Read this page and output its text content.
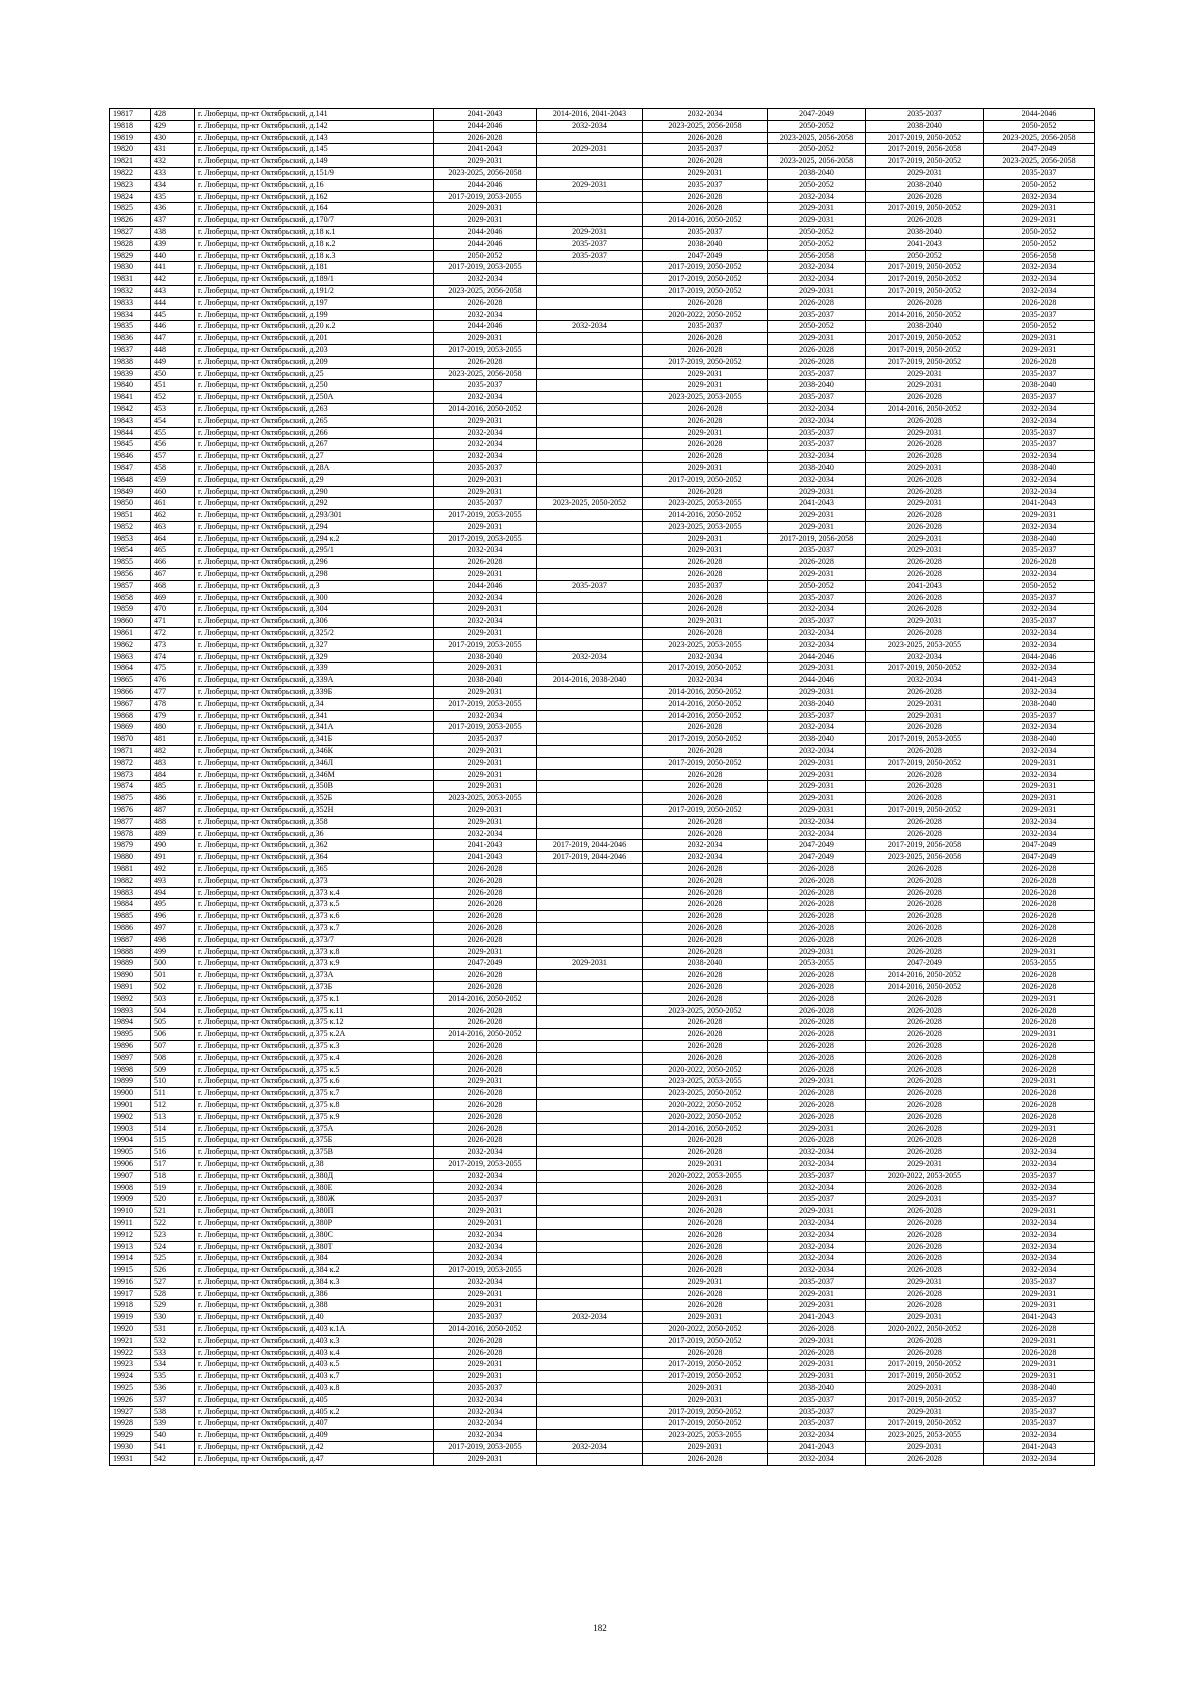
19817	428	г. Люберцы, пр-кт Октябрьский, д.141	2041-2043	2014-2016, 2041-2043	2032-2034	2047-2049	2035-2037	2044-2046
19818	429	г. Люберцы, пр-кт Октябрьский, д.142	2044-2046	2032-2034	2023-2025, 2056-2058	2050-2052	2038-2040	2050-2052
19819	430	г. Люберцы, пр-кт Октябрьский, д.143	2026-2028		2026-2028	2023-2025, 2056-2058	2017-2019, 2050-2052	2023-2025, 2056-2058
19820	431	г. Люберцы, пр-кт Октябрьский, д.145	2041-2043	2029-2031	2035-2037	2050-2052	2017-2019, 2056-2058	2047-2049
19821	432	г. Люберцы, пр-кт Октябрьский, д.149	2029-2031		2026-2028	2023-2025, 2056-2058	2017-2019, 2050-2052	2023-2025, 2056-2058
19822	433	г. Люберцы, пр-кт Октябрьский, д.151/9	2023-2025, 2056-2058		2029-2031	2038-2040	2029-2031	2035-2037
19823	434	г. Люберцы, пр-кт Октябрьский, д.16	2044-2046	2029-2031	2035-2037	2050-2052	2038-2040	2050-2052
19824	435	г. Люберцы, пр-кт Октябрьский, д.162	2017-2019, 2053-2055		2026-2028	2032-2034	2026-2028	2032-2034
19825	436	г. Люберцы, пр-кт Октябрьский, д.164	2029-2031		2026-2028	2029-2031	2017-2019, 2050-2052	2029-2031
19826	437	г. Люберцы, пр-кт Октябрьский, д.170/7	2029-2031		2014-2016, 2050-2052	2029-2031	2026-2028	2029-2031
19827	438	г. Люберцы, пр-кт Октябрьский, д.18 к.1	2044-2046	2029-2031	2035-2037	2050-2052	2038-2040	2050-2052
19828	439	г. Люберцы, пр-кт Октябрьский, д.18 к.2	2044-2046	2035-2037	2038-2040	2050-2052	2041-2043	2050-2052
19829	440	г. Люберцы, пр-кт Октябрьский, д.18 к.3	2050-2052	2035-2037	2047-2049	2056-2058	2050-2052	2056-2058
19830	441	г. Люберцы, пр-кт Октябрьский, д.181	2017-2019, 2053-2055		2017-2019, 2050-2052	2032-2034	2017-2019, 2050-2052	2032-2034
19831	442	г. Люберцы, пр-кт Октябрьский, д.189/1	2032-2034		2017-2019, 2050-2052	2032-2034	2017-2019, 2050-2052	2032-2034
19832	443	г. Люберцы, пр-кт Октябрьский, д.191/2	2023-2025, 2056-2058		2017-2019, 2050-2052	2029-2031	2017-2019, 2050-2052	2032-2034
19833	444	г. Люберцы, пр-кт Октябрьский, д.197	2026-2028		2026-2028	2026-2028	2026-2028	2026-2028
19834	445	г. Люберцы, пр-кт Октябрьский, д.199	2032-2034		2020-2022, 2050-2052	2035-2037	2014-2016, 2050-2052	2035-2037
19835	446	г. Люберцы, пр-кт Октябрьский, д.20 к.2	2044-2046	2032-2034	2035-2037	2050-2052	2038-2040	2050-2052
19836	447	г. Люберцы, пр-кт Октябрьский, д.201	2029-2031		2026-2028	2029-2031	2017-2019, 2050-2052	2029-2031
19837	448	г. Люберцы, пр-кт Октябрьский, д.203	2017-2019, 2053-2055		2026-2028	2026-2028	2017-2019, 2050-2052	2029-2031
19838	449	г. Люберцы, пр-кт Октябрьский, д.209	2026-2028		2017-2019, 2050-2052	2026-2028	2017-2019, 2050-2052	2026-2028
19839	450	г. Люберцы, пр-кт Октябрьский, д.25	2023-2025, 2056-2058		2029-2031	2035-2037	2029-2031	2035-2037
19840	451	г. Люберцы, пр-кт Октябрьский, д.250	2035-2037		2029-2031	2038-2040	2029-2031	2038-2040
19841	452	г. Люберцы, пр-кт Октябрьский, д.250А	2032-2034		2023-2025, 2053-2055	2035-2037	2026-2028	2035-2037
19842	453	г. Люберцы, пр-кт Октябрьский, д.263	2014-2016, 2050-2052		2026-2028	2032-2034	2014-2016, 2050-2052	2032-2034
19843	454	г. Люберцы, пр-кт Октябрьский, д.265	2029-2031		2026-2028	2032-2034	2026-2028	2032-2034
19844	455	г. Люберцы, пр-кт Октябрьский, д.266	2032-2034		2029-2031	2035-2037	2029-2031	2035-2037
19845	456	г. Люберцы, пр-кт Октябрьский, д.267	2032-2034		2026-2028	2035-2037	2026-2028	2035-2037
19846	457	г. Люберцы, пр-кт Октябрьский, д.27	2032-2034		2026-2028	2032-2034	2026-2028	2032-2034
19847	458	г. Люберцы, пр-кт Октябрьский, д.28А	2035-2037		2029-2031	2038-2040	2029-2031	2038-2040
19848	459	г. Люберцы, пр-кт Октябрьский, д.29	2029-2031		2017-2019, 2050-2052	2032-2034	2026-2028	2032-2034
19849	460	г. Люберцы, пр-кт Октябрьский, д.290	2029-2031		2026-2028	2029-2031	2026-2028	2032-2034
19850	461	г. Люберцы, пр-кт Октябрьский, д.292	2035-2037	2023-2025, 2050-2052	2023-2025, 2053-2055	2041-2043	2029-2031	2041-2043
19851	462	г. Люберцы, пр-кт Октябрьский, д.293/301	2017-2019, 2053-2055		2014-2016, 2050-2052	2029-2031	2026-2028	2029-2031
19852	463	г. Люберцы, пр-кт Октябрьский, д.294	2029-2031		2023-2025, 2053-2055	2029-2031	2026-2028	2032-2034
19853	464	г. Люберцы, пр-кт Октябрьский, д.294 к.2	2017-2019, 2053-2055		2029-2031	2017-2019, 2056-2058	2029-2031	2038-2040
19854	465	г. Люберцы, пр-кт Октябрьский, д.295/1	2032-2034		2029-2031	2035-2037	2029-2031	2035-2037
19855	466	г. Люберцы, пр-кт Октябрьский, д.296	2026-2028		2026-2028	2026-2028	2026-2028	2026-2028
19856	467	г. Люберцы, пр-кт Октябрьский, д.298	2029-2031		2026-2028	2029-2031	2026-2028	2032-2034
19857	468	г. Люберцы, пр-кт Октябрьский, д.3	2044-2046	2035-2037	2035-2037	2050-2052	2041-2043	2050-2052
19858	469	г. Люберцы, пр-кт Октябрьский, д.300	2032-2034		2026-2028	2035-2037	2026-2028	2035-2037
19859	470	г. Люберцы, пр-кт Октябрьский, д.304	2029-2031		2026-2028	2032-2034	2026-2028	2032-2034
19860	471	г. Люберцы, пр-кт Октябрьский, д.306	2032-2034		2029-2031	2035-2037	2029-2031	2035-2037
19861	472	г. Люберцы, пр-кт Октябрьский, д.325/2	2029-2031		2026-2028	2032-2034	2026-2028	2032-2034
19862	473	г. Люберцы, пр-кт Октябрьский, д.327	2017-2019, 2053-2055		2023-2025, 2053-2055	2032-2034	2023-2025, 2053-2055	2032-2034
19863	474	г. Люберцы, пр-кт Октябрьский, д.329	2038-2040	2032-2034	2032-2034	2044-2046	2032-2034	2044-2046
19864	475	г. Люберцы, пр-кт Октябрьский, д.339	2029-2031		2017-2019, 2050-2052	2029-2031	2017-2019, 2050-2052	2032-2034
19865	476	г. Люберцы, пр-кт Октябрьский, д.339А	2038-2040	2014-2016, 2038-2040	2032-2034	2044-2046	2032-2034	2041-2043
19866	477	г. Люберцы, пр-кт Октябрьский, д.339Б	2029-2031		2014-2016, 2050-2052	2029-2031	2026-2028	2032-2034
19867	478	г. Люберцы, пр-кт Октябрьский, д.34	2017-2019, 2053-2055		2014-2016, 2050-2052	2038-2040	2029-2031	2038-2040
19868	479	г. Люберцы, пр-кт Октябрьский, д.341	2032-2034		2014-2016, 2050-2052	2035-2037	2029-2031	2035-2037
19869	480	г. Люберцы, пр-кт Октябрьский, д.341А	2017-2019, 2053-2055		2026-2028	2032-2034	2026-2028	2032-2034
19870	481	г. Люберцы, пр-кт Октябрьский, д.341Б	2035-2037		2017-2019, 2050-2052	2038-2040	2017-2019, 2053-2055	2038-2040
19871	482	г. Люберцы, пр-кт Октябрьский, д.346К	2029-2031		2026-2028	2032-2034	2026-2028	2032-2034
19872	483	г. Люберцы, пр-кт Октябрьский, д.346Л	2029-2031		2017-2019, 2050-2052	2029-2031	2017-2019, 2050-2052	2029-2031
19873	484	г. Люберцы, пр-кт Октябрьский, д.346М	2029-2031		2026-2028	2029-2031	2026-2028	2032-2034
19874	485	г. Люберцы, пр-кт Октябрьский, д.350В	2029-2031		2026-2028	2029-2031	2026-2028	2029-2031
19875	486	г. Люберцы, пр-кт Октябрьский, д.352Б	2023-2025, 2053-2055		2026-2028	2029-2031	2026-2028	2029-2031
19876	487	г. Люберцы, пр-кт Октябрьский, д.352Н	2029-2031		2017-2019, 2050-2052	2029-2031	2017-2019, 2050-2052	2029-2031
19877	488	г. Люберцы, пр-кт Октябрьский, д.358	2029-2031		2026-2028	2032-2034	2026-2028	2032-2034
19878	489	г. Люберцы, пр-кт Октябрьский, д.36	2032-2034		2026-2028	2032-2034	2026-2028	2032-2034
19879	490	г. Люберцы, пр-кт Октябрьский, д.362	2041-2043	2017-2019, 2044-2046	2032-2034	2047-2049	2017-2019, 2056-2058	2047-2049
19880	491	г. Люберцы, пр-кт Октябрьский, д.364	2041-2043	2017-2019, 2044-2046	2032-2034	2047-2049	2023-2025, 2056-2058	2047-2049
19881	492	г. Люберцы, пр-кт Октябрьский, д.365	2026-2028		2026-2028	2026-2028	2026-2028	2026-2028
19882	493	г. Люберцы, пр-кт Октябрьский, д.373	2026-2028		2026-2028	2026-2028	2026-2028	2026-2028
19883	494	г. Люберцы, пр-кт Октябрьский, д.373 к.4	2026-2028		2026-2028	2026-2028	2026-2028	2026-2028
19884	495	г. Люберцы, пр-кт Октябрьский, д.373 к.5	2026-2028		2026-2028	2026-2028	2026-2028	2026-2028
19885	496	г. Люберцы, пр-кт Октябрьский, д.373 к.6	2026-2028		2026-2028	2026-2028	2026-2028	2026-2028
19886	497	г. Люберцы, пр-кт Октябрьский, д.373 к.7	2026-2028		2026-2028	2026-2028	2026-2028	2026-2028
19887	498	г. Люберцы, пр-кт Октябрьский, д.373/7	2026-2028		2026-2028	2026-2028	2026-2028	2026-2028
19888	499	г. Люберцы, пр-кт Октябрьский, д.373 к.8	2029-2031		2026-2028	2029-2031	2026-2028	2029-2031
19889	500	г. Люберцы, пр-кт Октябрьский, д.373 к.9	2047-2049	2029-2031	2038-2040	2053-2055	2047-2049	2053-2055
19890	501	г. Люберцы, пр-кт Октябрьский, д.373А	2026-2028		2026-2028	2026-2028	2014-2016, 2050-2052	2026-2028
19891	502	г. Люберцы, пр-кт Октябрьский, д.373Б	2026-2028		2026-2028	2026-2028	2014-2016, 2050-2052	2026-2028
19892	503	г. Люберцы, пр-кт Октябрьский, д.375 к.1	2014-2016, 2050-2052		2026-2028	2026-2028	2026-2028	2029-2031
19893	504	г. Люберцы, пр-кт Октябрьский, д.375 к.11	2026-2028		2023-2025, 2050-2052	2026-2028	2026-2028	2026-2028
19894	505	г. Люберцы, пр-кт Октябрьский, д.375 к.12	2026-2028		2026-2028	2026-2028	2026-2028	2026-2028
19895	506	г. Люберцы, пр-кт Октябрьский, д.375 к.2А	2014-2016, 2050-2052		2026-2028	2026-2028	2026-2028	2029-2031
19896	507	г. Люберцы, пр-кт Октябрьский, д.375 к.3	2026-2028		2026-2028	2026-2028	2026-2028	2026-2028
19897	508	г. Люберцы, пр-кт Октябрьский, д.375 к.4	2026-2028		2026-2028	2026-2028	2026-2028	2026-2028
19898	509	г. Люберцы, пр-кт Октябрьский, д.375 к.5	2026-2028		2020-2022, 2050-2052	2026-2028	2026-2028	2026-2028
19899	510	г. Люберцы, пр-кт Октябрьский, д.375 к.6	2029-2031		2023-2025, 2053-2055	2029-2031	2026-2028	2029-2031
19900	511	г. Люберцы, пр-кт Октябрьский, д.375 к.7	2026-2028		2023-2025, 2050-2052	2026-2028	2026-2028	2026-2028
19901	512	г. Люберцы, пр-кт Октябрьский, д.375 к.8	2026-2028		2020-2022, 2050-2052	2026-2028	2026-2028	2026-2028
19902	513	г. Люберцы, пр-кт Октябрьский, д.375 к.9	2026-2028		2020-2022, 2050-2052	2026-2028	2026-2028	2026-2028
19903	514	г. Люберцы, пр-кт Октябрьский, д.375А	2026-2028		2014-2016, 2050-2052	2029-2031	2026-2028	2029-2031
19904	515	г. Люберцы, пр-кт Октябрьский, д.375Б	2026-2028		2026-2028	2026-2028	2026-2028	2026-2028
19905	516	г. Люберцы, пр-кт Октябрьский, д.375В	2032-2034		2026-2028	2032-2034	2026-2028	2032-2034
19906	517	г. Люберцы, пр-кт Октябрьский, д.38	2017-2019, 2053-2055		2029-2031	2032-2034	2029-2031	2032-2034
19907	518	г. Люберцы, пр-кт Октябрьский, д.380Д	2032-2034		2020-2022, 2053-2055	2035-2037	2020-2022, 2053-2055	2035-2037
19908	519	г. Люберцы, пр-кт Октябрьский, д.380Е	2032-2034		2026-2028	2032-2034	2026-2028	2032-2034
19909	520	г. Люберцы, пр-кт Октябрьский, д.380Ж	2035-2037		2029-2031	2035-2037	2029-2031	2035-2037
19910	521	г. Люберцы, пр-кт Октябрьский, д.380П	2029-2031		2026-2028	2029-2031	2026-2028	2029-2031
19911	522	г. Люберцы, пр-кт Октябрьский, д.380Р	2029-2031		2026-2028	2032-2034	2026-2028	2032-2034
19912	523	г. Люберцы, пр-кт Октябрьский, д.380С	2032-2034		2026-2028	2032-2034	2026-2028	2032-2034
19913	524	г. Люберцы, пр-кт Октябрьский, д.380Т	2032-2034		2026-2028	2032-2034	2026-2028	2032-2034
19914	525	г. Люберцы, пр-кт Октябрьский, д.384	2032-2034		2026-2028	2032-2034	2026-2028	2032-2034
19915	526	г. Люберцы, пр-кт Октябрьский, д.384 к.2	2017-2019, 2053-2055		2026-2028	2032-2034	2026-2028	2032-2034
19916	527	г. Люберцы, пр-кт Октябрьский, д.384 к.3	2032-2034		2029-2031	2035-2037	2029-2031	2035-2037
19917	528	г. Люберцы, пр-кт Октябрьский, д.386	2029-2031		2026-2028	2029-2031	2026-2028	2029-2031
19918	529	г. Люберцы, пр-кт Октябрьский, д.388	2029-2031		2026-2028	2029-2031	2026-2028	2029-2031
19919	530	г. Люберцы, пр-кт Октябрьский, д.40	2035-2037	2032-2034	2029-2031	2041-2043	2029-2031	2041-2043
19920	531	г. Люберцы, пр-кт Октябрьский, д.403 к.1А	2014-2016, 2050-2052		2020-2022, 2050-2052	2026-2028	2020-2022, 2050-2052	2026-2028
19921	532	г. Люберцы, пр-кт Октябрьский, д.403 к.3	2026-2028		2017-2019, 2050-2052	2029-2031	2026-2028	2029-2031
19922	533	г. Люберцы, пр-кт Октябрьский, д.403 к.4	2026-2028		2026-2028	2026-2028	2026-2028	2026-2028
19923	534	г. Люберцы, пр-кт Октябрьский, д.403 к.5	2029-2031		2017-2019, 2050-2052	2029-2031	2017-2019, 2050-2052	2029-2031
19924	535	г. Люберцы, пр-кт Октябрьский, д.403 к.7	2029-2031		2017-2019, 2050-2052	2029-2031	2017-2019, 2050-2052	2029-2031
19925	536	г. Люберцы, пр-кт Октябрьский, д.403 к.8	2035-2037		2029-2031	2038-2040	2029-2031	2038-2040
19926	537	г. Люберцы, пр-кт Октябрьский, д.405	2032-2034		2029-2031	2035-2037	2017-2019, 2050-2052	2035-2037
19927	538	г. Люберцы, пр-кт Октябрьский, д.405 к.2	2032-2034		2017-2019, 2050-2052	2035-2037	2029-2031	2035-2037
19928	539	г. Люберцы, пр-кт Октябрьский, д.407	2032-2034		2017-2019, 2050-2052	2035-2037	2017-2019, 2050-2052	2035-2037
19929	540	г. Люберцы, пр-кт Октябрьский, д.409	2032-2034		2023-2025, 2053-2055	2032-2034	2023-2025, 2053-2055	2032-2034
19930	541	г. Люберцы, пр-кт Октябрьский, д.42	2017-2019, 2053-2055	2032-2034	2029-2031	2041-2043	2029-2031	2041-2043
19931	542	г. Люберцы, пр-кт Октябрьский, д.47	2029-2031		2026-2028	2032-2034	2026-2028	2032-2034
182
